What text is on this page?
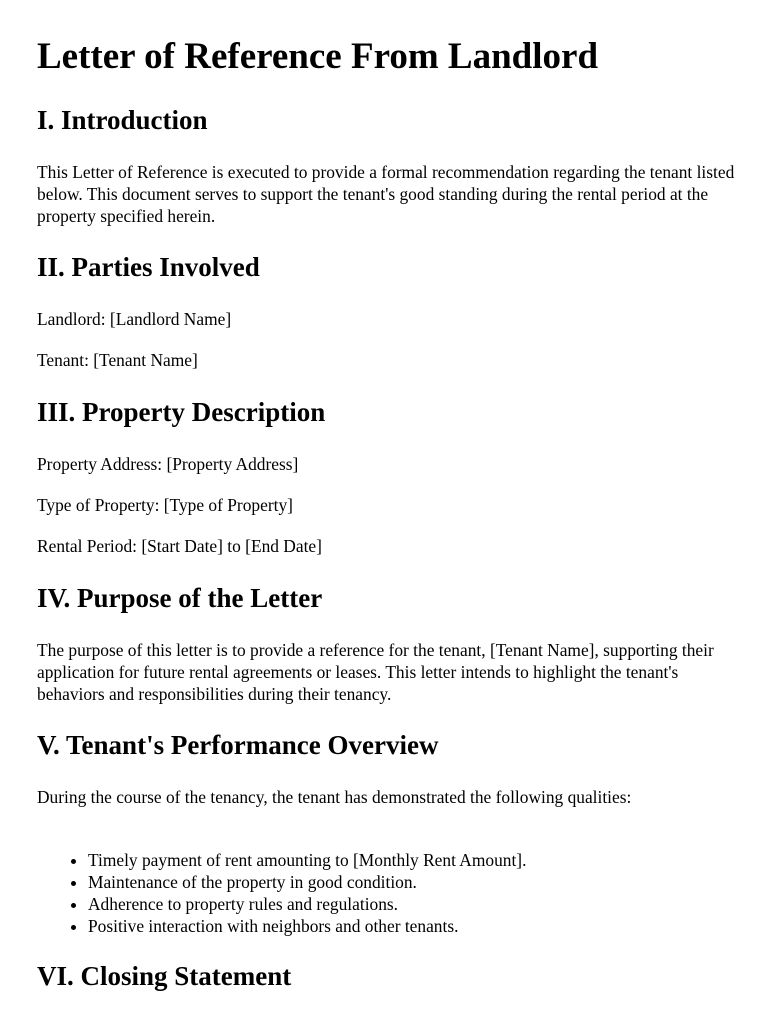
Letter of Reference From Landlord
I. Introduction

This Letter of Reference is executed to provide a formal recommendation regarding the tenant listed below. This document serves to support the tenant's good standing during the rental period at the property specified herein.

II. Parties Involved

Landlord: [Landlord Name]

Tenant: [Tenant Name]

III. Property Description

Property Address: [Property Address]

Type of Property: [Type of Property]

Rental Period: [Start Date] to [End Date]

IV. Purpose of the Letter

The purpose of this letter is to provide a reference for the tenant, [Tenant Name], supporting their application for future rental agreements or leases. This letter intends to highlight the tenant's behaviors and responsibilities during their tenancy.

V. Tenant's Performance Overview

During the course of the tenancy, the tenant has demonstrated the following qualities:

• Timely payment of rent amounting to [Monthly Rent Amount].
• Maintenance of the property in good condition.
• Adherence to property rules and regulations.
• Positive interaction with neighbors and other tenants.
VI. Closing Statement
